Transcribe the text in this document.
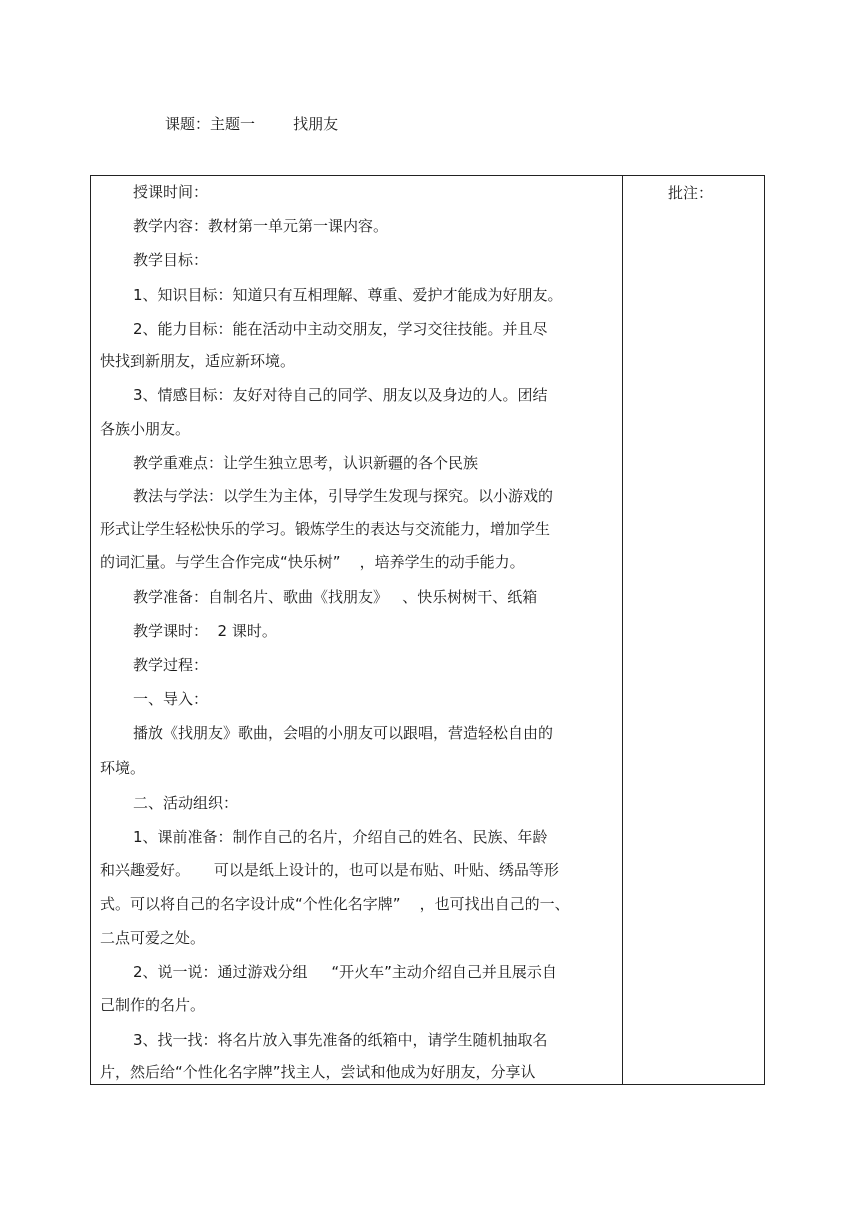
课题：主题一        找朋友
批注：
授课时间：
教学内容：教材第一单元第一课内容。
教学目标：
1、知识目标：知道只有互相理解、尊重、爱护才能成为好朋友。
2、能力目标：能在活动中主动交朋友，学习交往技能。并且尽
快找到新朋友，适应新环境。
3、情感目标：友好对待自己的同学、朋友以及身边的人。团结
各族小朋友。
教学重难点：让学生独立思考，认识新疆的各个民族
教法与学法：以学生为主体，引导学生发现与探究。以小游戏的
形式让学生轻松快乐的学习。锻炼学生的表达与交流能力，增加学生
的词汇量。与学生合作完成“快乐树”    ，培养学生的动手能力。
教学准备：自制名片、歌曲《找朋友》   、快乐树树干、纸箱
教学课时：  2 课时。
教学过程：
一、导入：
播放《找朋友》歌曲，会唱的小朋友可以跟唱，营造轻松自由的
环境。
二、活动组织：
1、课前准备：制作自己的名片，介绍自己的姓名、民族、年龄
和兴趣爱好。     可以是纸上设计的，也可以是布贴、叶贴、绣品等形
式。可以将自己的名字设计成“个性化名字牌”    ，也可找出自己的一、
二点可爱之处。
2、说一说：通过游戏分组     “开火车”主动介绍自己并且展示自
己制作的名片。
3、找一找：将名片放入事先准备的纸箱中，请学生随机抽取名
片，然后给“个性化名字牌”找主人，尝试和他成为好朋友，分享认
